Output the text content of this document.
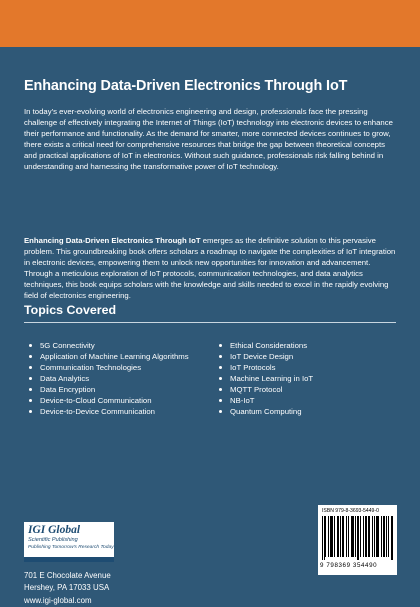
Enhancing Data-Driven Electronics Through IoT
In today’s ever-evolving world of electronics engineering and design, professionals face the pressing challenge of effectively integrating the Internet of Things (IoT) technology into electronic devices to enhance their performance and functionality. As the demand for smarter, more connected devices continues to grow, there exists a critical need for comprehensive resources that bridge the gap between theoretical concepts and practical applications of IoT in electronics. Without such guidance, professionals risk falling behind in understanding and harnessing the transformative power of IoT technology.
Enhancing Data-Driven Electronics Through IoT emerges as the definitive solution to this pervasive problem. This groundbreaking book offers scholars a roadmap to navigate the complexities of IoT integration in electronic devices, empowering them to unlock new opportunities for innovation and advancement. Through a meticulous exploration of IoT protocols, communication technologies, and data analytics techniques, this book equips scholars with the knowledge and skills needed to excel in the rapidly evolving field of electronics engineering.
Topics Covered
5G Connectivity
Application of Machine Learning Algorithms
Communication Technologies
Data Analytics
Data Encryption
Device-to-Cloud Communication
Device-to-Device Communication
Ethical Considerations
IoT Device Design
IoT Protocols
Machine Learning in IoT
MQTT Protocol
NB-IoT
Quantum Computing
IGI Global
Scientific Publishing
Publishing Tomorrow's Research Today
701 E Chocolate Avenue
Hershey, PA 17033 USA
www.igi-global.com
ISBN 979-8-3693-5449-0
9 798369 354490
